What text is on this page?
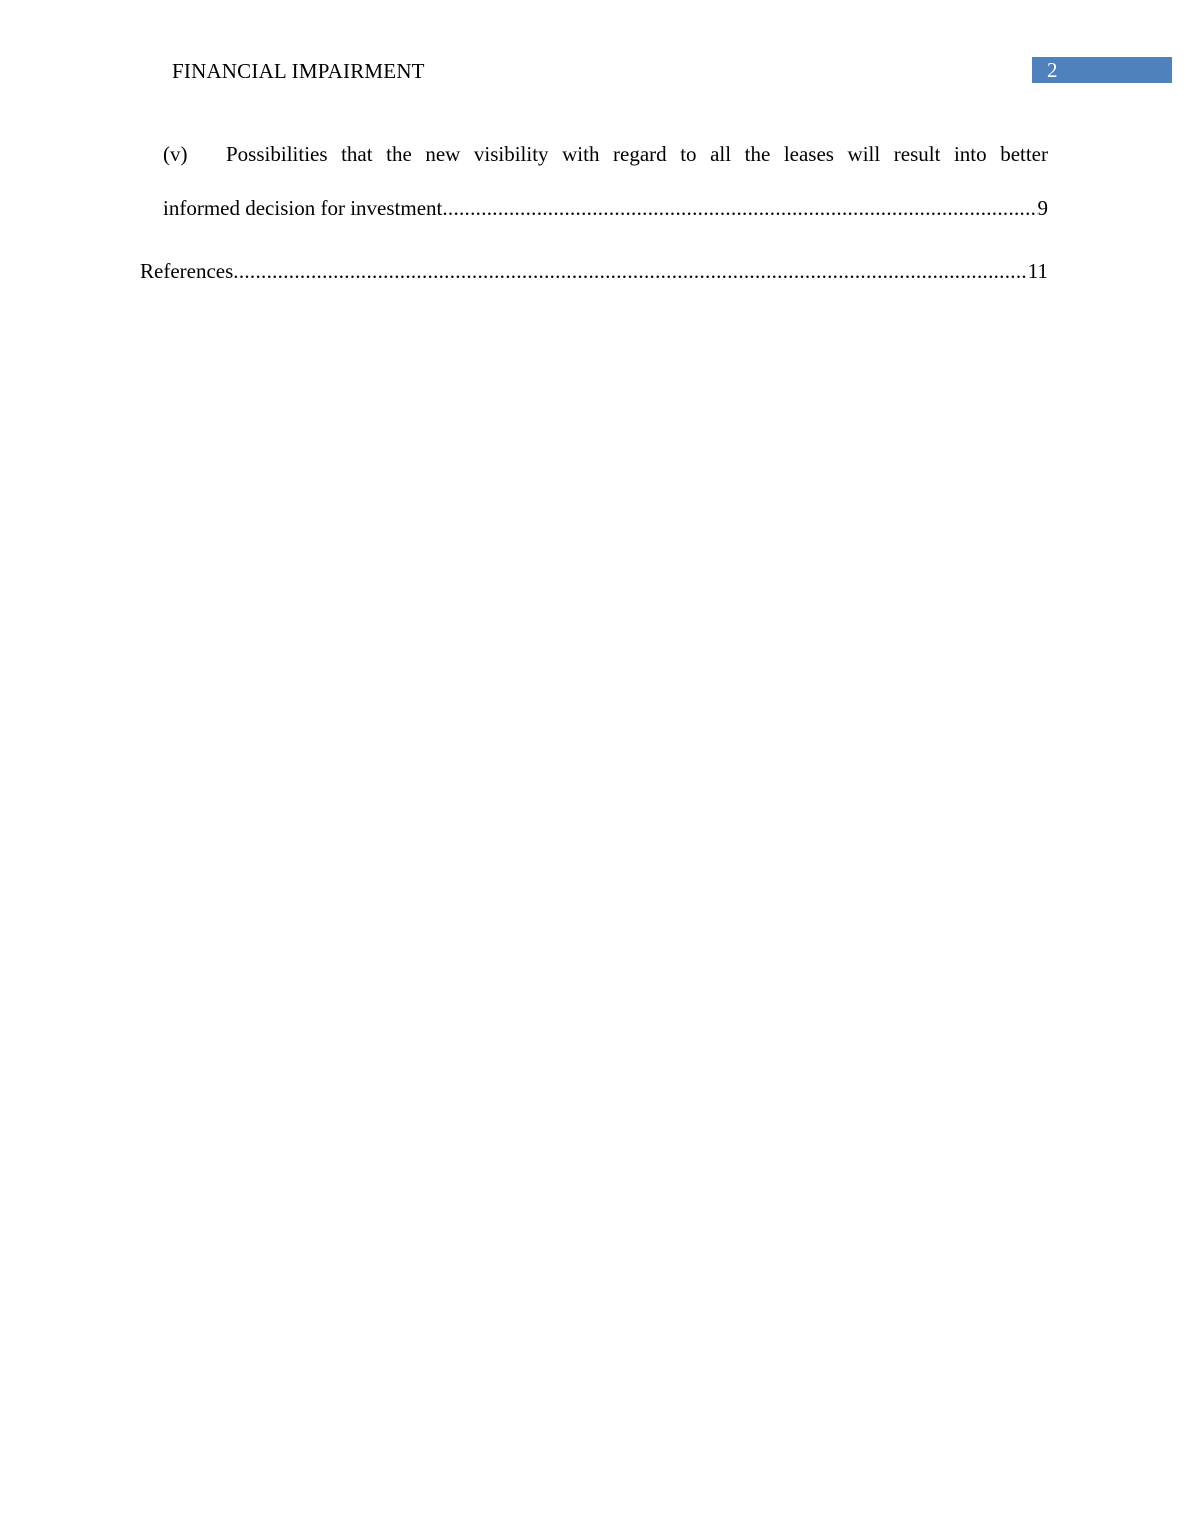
FINANCIAL IMPAIRMENT	2
(v)	Possibilities that the new visibility with regard to all the leases will result into better
informed decision for investment .....	9
References .....	11
